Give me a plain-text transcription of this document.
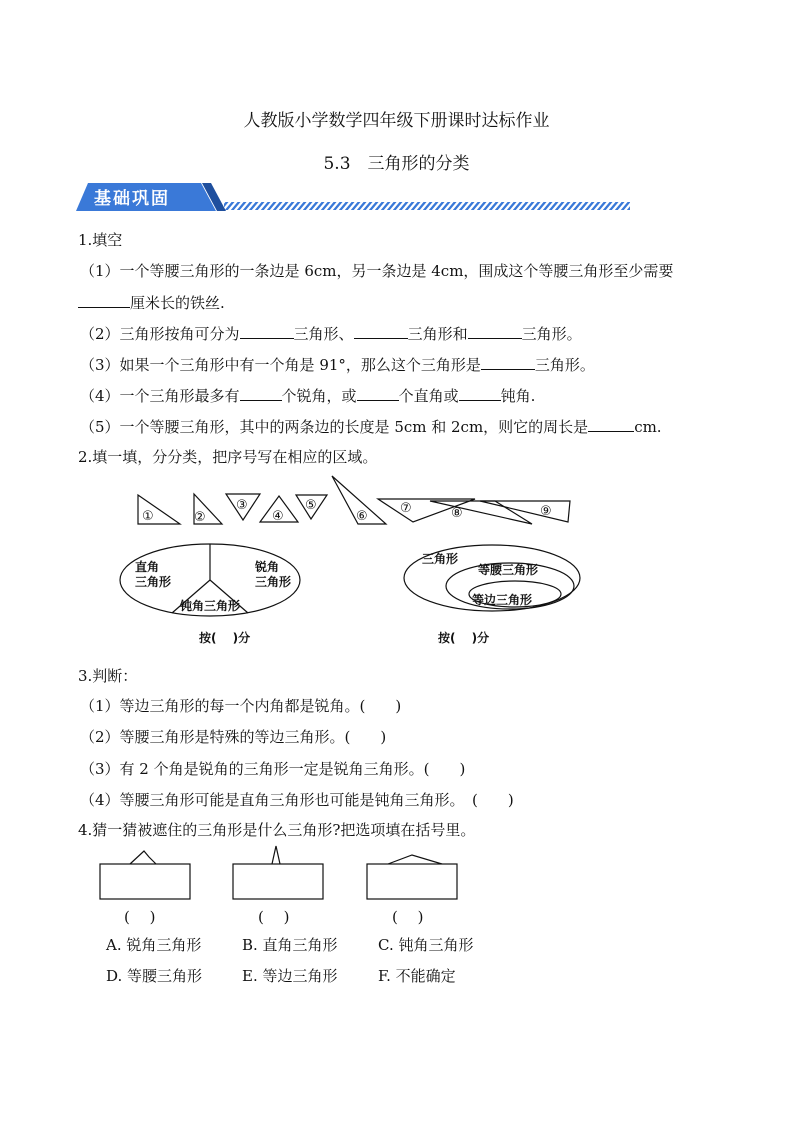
人教版小学数学四年级下册课时达标作业
5.3　三角形的分类
基础巩固
1.填空
（1）一个等腰三角形的一条边是 6cm，另一条边是 4cm，围成这个等腰三角形至少需要
厘米长的铁丝.
（2）三角形按角可分为	三角形、	三角形和	三角形。
（3）如果一个三角形中有一个角是 91°，那么这个三角形是	三角形。
（4）一个三角形最多有	个锐角，或	个直角或	钝角.
（5）一个等腰三角形，其中的两条边的长度是 5cm 和 2cm，则它的周长是	cm.
2.填一填，分分类，把序号写在相应的区域。
①	②
③
④
⑤
⑥
⑦	⑧	⑨
直角
三角形
锐角
三角形
钝角三角形
按(　 )分
三角形
等腰三角形
等边三角形
按(　 )分
3.判断：
（1）等边三角形的每一个内角都是锐角。(　　)
（2）等腰三角形是特殊的等边三角形。(　　)
（3）有 2 个角是锐角的三角形一定是锐角三角形。(　　)
（4）等腰三角形可能是直角三角形也可能是钝角三角形。　(　　)
4.猜一猜被遮住的三角形是什么三角形?把选项填在括号里。
(　 )	(　 )	(　 )
A. 锐角三角形	B. 直角三角形	C. 钝角三角形
D. 等腰三角形	E. 等边三角形	F. 不能确定
